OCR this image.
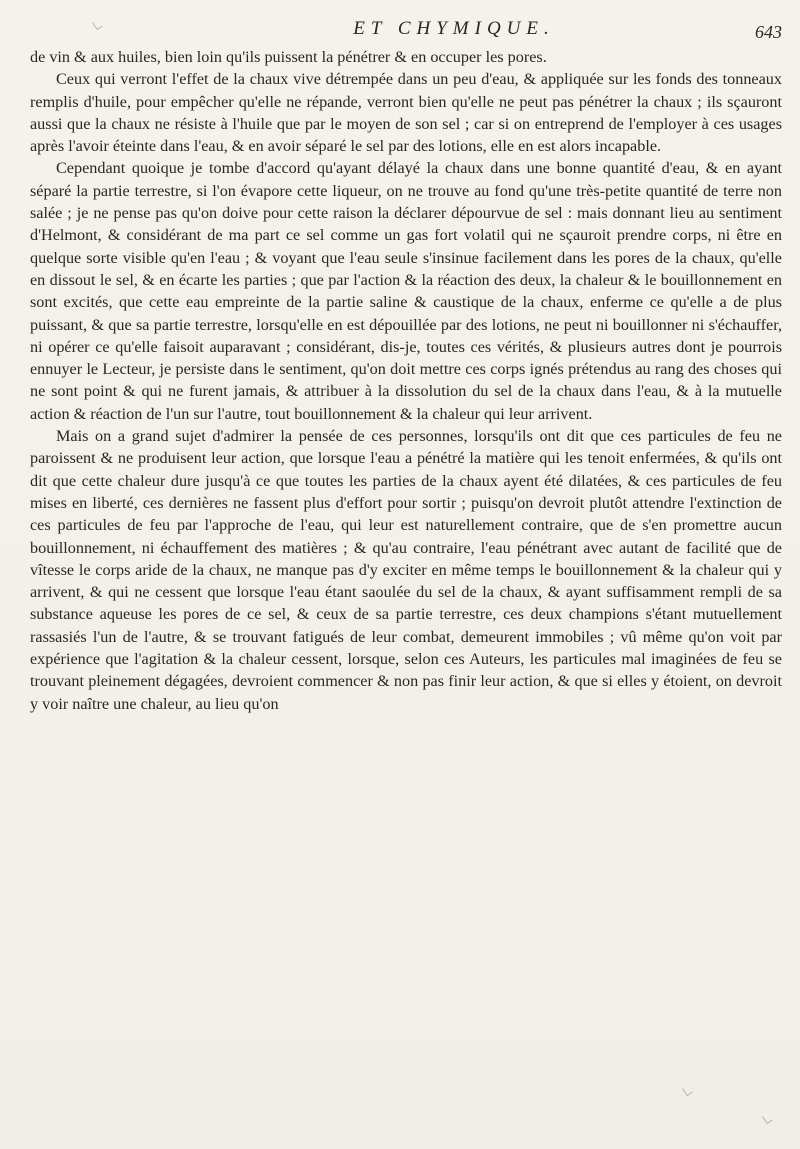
ET CHYMIQUE.	643

de vin & aux huiles, bien loin qu'ils puissent la pénétrer & en occuper les pores.

Ceux qui verront l'effet de la chaux vive détrempée dans un peu d'eau, & appliquée sur les fonds des tonneaux remplis d'huile, pour empêcher qu'elle ne répande, verront bien qu'elle ne peut pas pénétrer la chaux ; ils sçauront aussi que la chaux ne résiste à l'huile que par le moyen de son sel ; car si on entreprend de l'employer à ces usages après l'avoir éteinte dans l'eau, & en avoir séparé le sel par des lotions, elle en est alors incapable.

Cependant quoique je tombe d'accord qu'ayant délayé la chaux dans une bonne quantité d'eau, & en ayant séparé la partie terrestre, si l'on évapore cette liqueur, on ne trouve au fond qu'une très-petite quantité de terre non salée ; je ne pense pas qu'on doive pour cette raison la déclarer dépourvue de sel : mais donnant lieu au sentiment d'Helmont, & considérant de ma part ce sel comme un gas fort volatil qui ne sçauroit prendre corps, ni être en quelque sorte visible qu'en l'eau ; & voyant que l'eau seule s'insinue facilement dans les pores de la chaux, qu'elle en dissout le sel, & en écarte les parties ; que par l'action & la réaction des deux, la chaleur & le bouillonnement en sont excités, que cette eau empreinte de la partie saline & caustique de la chaux, enferme ce qu'elle a de plus puissant, & que sa partie terrestre, lorsqu'elle en est dépouillée par des lotions, ne peut ni bouillonner ni s'échauffer, ni opérer ce qu'elle faisoit auparavant ; considérant, dis-je, toutes ces vérités, & plusieurs autres dont je pourrois ennuyer le Lecteur, je persiste dans le sentiment, qu'on doit mettre ces corps ignés prétendus au rang des choses qui ne sont point & qui ne furent jamais, & attribuer à la dissolution du sel de la chaux dans l'eau, & à la mutuelle action & réaction de l'un sur l'autre, tout bouillonnement & la chaleur qui leur arrivent.

Mais on a grand sujet d'admirer la pensée de ces personnes, lorsqu'ils ont dit que ces particules de feu ne paroissent & ne produisent leur action, que lorsque l'eau a pénétré la matière qui les tenoit enfermées, & qu'ils ont dit que cette chaleur dure jusqu'à ce que toutes les parties de la chaux ayent été dilatées, & ces particules de feu mises en liberté, ces dernières ne fassent plus d'effort pour sortir ; puisqu'on devroit plutôt attendre l'extinction de ces particules de feu par l'approche de l'eau, qui leur est naturellement contraire, que de s'en promettre aucun bouillonnement, ni échauffement des matières ; & qu'au contraire, l'eau pénétrant avec autant de facilité que de vîtesse le corps aride de la chaux, ne manque pas d'y exciter en même temps le bouillonnement & la chaleur qui y arrivent, & qui ne cessent que lorsque l'eau étant saoulée du sel de la chaux, & ayant suffisamment rempli de sa substance aqueuse les pores de ce sel, & ceux de sa partie terrestre, ces deux champions s'étant mutuellement rassasiés l'un de l'autre, & se trouvant fatigués de leur combat, demeurent immobiles ; vû même qu'on voit par expérience que l'agitation & la chaleur cessent, lorsque, selon ces Auteurs, les particules mal imaginées de feu se trouvant pleinement dégagées, devroient commencer & non pas finir leur action, & que si elles y étoient, on devroit y voir naître une chaleur, au lieu qu'on
